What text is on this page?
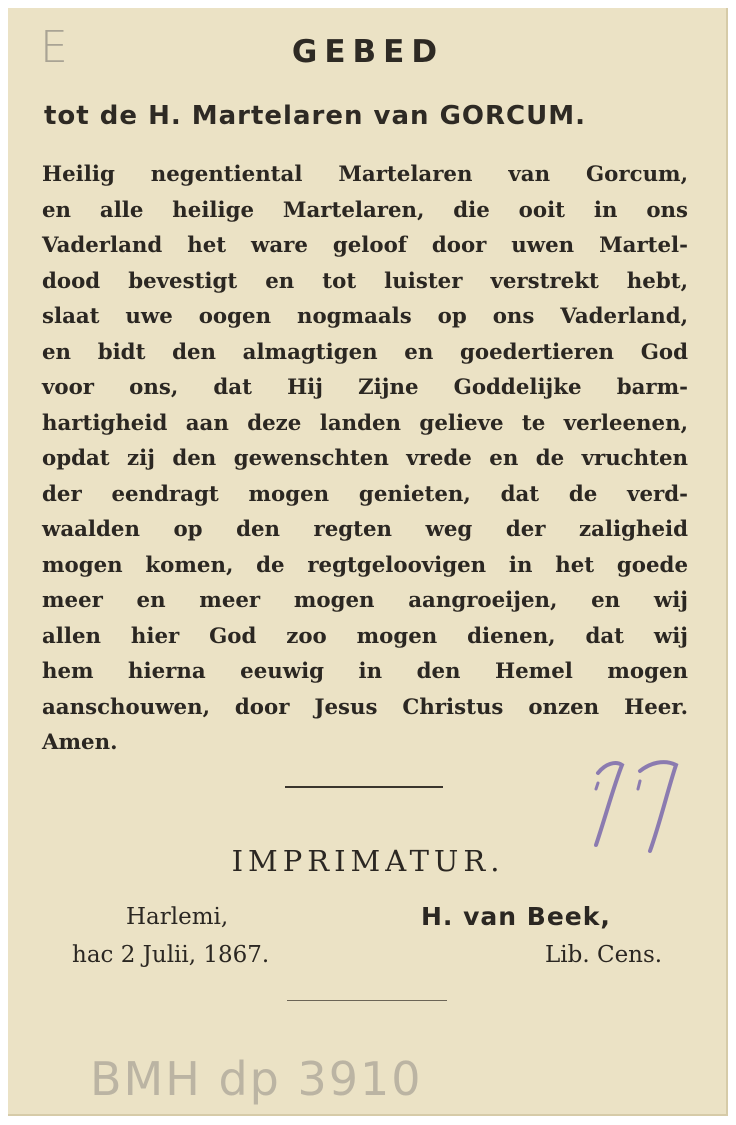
E	GEBED
tot de H. Martelaren van GORCUM.
Heilig negentiental Martelaren van Gorcum,
en alle heilige Martelaren, die ooit in ons
Vaderland het ware geloof door uwen Martel-
dood bevestigt en tot luister verstrekt hebt,
slaat uwe oogen nogmaals op ons Vaderland,
en bidt den almagtigen en goedertieren God
voor ons, dat Hij Zijne Goddelijke barm-
hartigheid aan deze landen gelieve te verleenen,
opdat zij den gewenschten vrede en de vruchten
der eendragt mogen genieten, dat de verd-
waalden op den regten weg der zaligheid
mogen komen, de regtgeloovigen in het goede
meer en meer mogen aangroeijen, en wij
allen hier God zoo mogen dienen, dat wij
hem hierna eeuwig in den Hemel mogen
aanschouwen, door Jesus Christus onzen Heer.
Amen.
IMPRIMATUR.
Harlemi,
hac 2 Julii, 1867.
H. van Beek,
Lib. Cens.
BMH dp 3910
